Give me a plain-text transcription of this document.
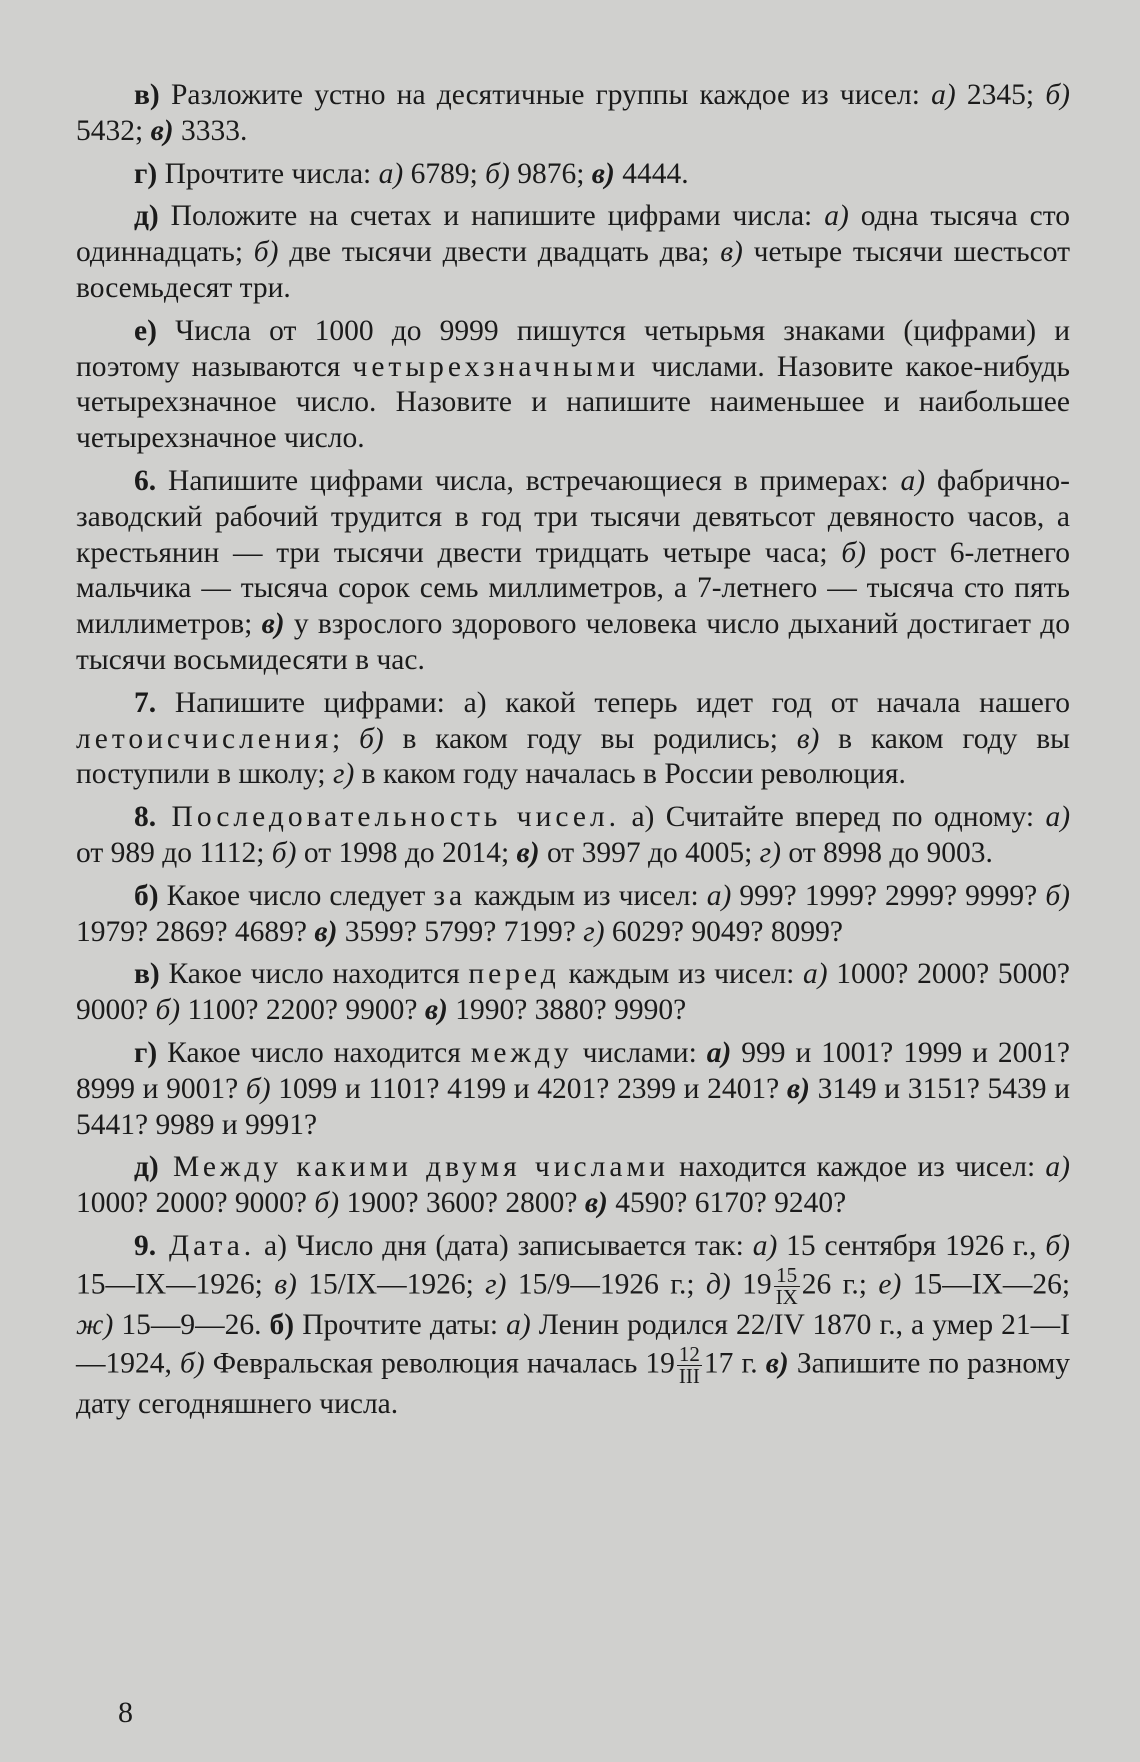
в) Разложите устно на десятичные группы каждое из чисел: а) 2345; б) 5432; в) 3333.

г) Прочтите числа: а) 6789; б) 9876; в) 4444.

д) Положите на счетах и напишите цифрами числа: а) одна тысяча сто одиннадцать; б) две тысячи двести двадцать два; в) четыре тысячи шестьсот восемьдесят три.

е) Числа от 1000 до 9999 пишутся четырьмя знаками (цифрами) и поэтому называются четырехзначными числами. Назовите какое-нибудь четырехзначное число. Назовите и напишите наименьшее и наибольшее четырехзначное число.

6. Напишите цифрами числа, встречающиеся в примерах: а) фабрично-заводский рабочий трудится в год три тысячи девятьсот девяносто часов, а крестьянин — три тысячи двести тридцать четыре часа; б) рост 6-летнего мальчика — тысяча сорок семь миллиметров, а 7-летнего — тысяча сто пять миллиметров; в) у взрослого здорового человека число дыханий достигает до тысячи восьмидесяти в час.

7. Напишите цифрами: а) какой теперь идет год от начала нашего летоисчисления; б) в каком году вы родились; в) в каком году вы поступили в школу; г) в каком году началась в России революция.

8. Последовательность чисел. а) Считайте вперед по одному: а) от 989 до 1112; б) от 1998 до 2014; в) от 3997 до 4005; г) от 8998 до 9003.

б) Какое число следует за каждым из чисел: а) 999? 1999? 2999? 9999? б) 1979? 2869? 4689? в) 3599? 5799? 7199? г) 6029? 9049? 8099?

в) Какое число находится перед каждым из чисел: а) 1000? 2000? 5000? 9000? б) 1100? 2200? 9900? в) 1990? 3880? 9990?

г) Какое число находится между числами: а) 999 и 1001? 1999 и 2001? 8999 и 9001? б) 1099 и 1101? 4199 и 4201? 2399 и 2401? в) 3149 и 3151? 5439 и 5441? 9989 и 9991?

д) Между какими двумя числами находится каждое из чисел: а) 1000? 2000? 9000? б) 1900? 3600? 2800? в) 4590? 6170? 9240?

9. Дата. а) Число дня (дата) записывается так: а) 15 сентября 1926 г., б) 15—IX—1926; в) 15/IX—1926; г) 15/9—1926 г.; д) $19 \frac{15}{IX} 26$ г.; е) 15—IX—26; ж) 15—9—26. б) Прочтите даты: а) Ленин родился 22/IV 1870 г., а умер 21—I—1924, б) Февральская революция началась $19 \frac{12}{\text{III}} 17$ г. в) Запишите по разному дату сегодняшнего числа.

8
